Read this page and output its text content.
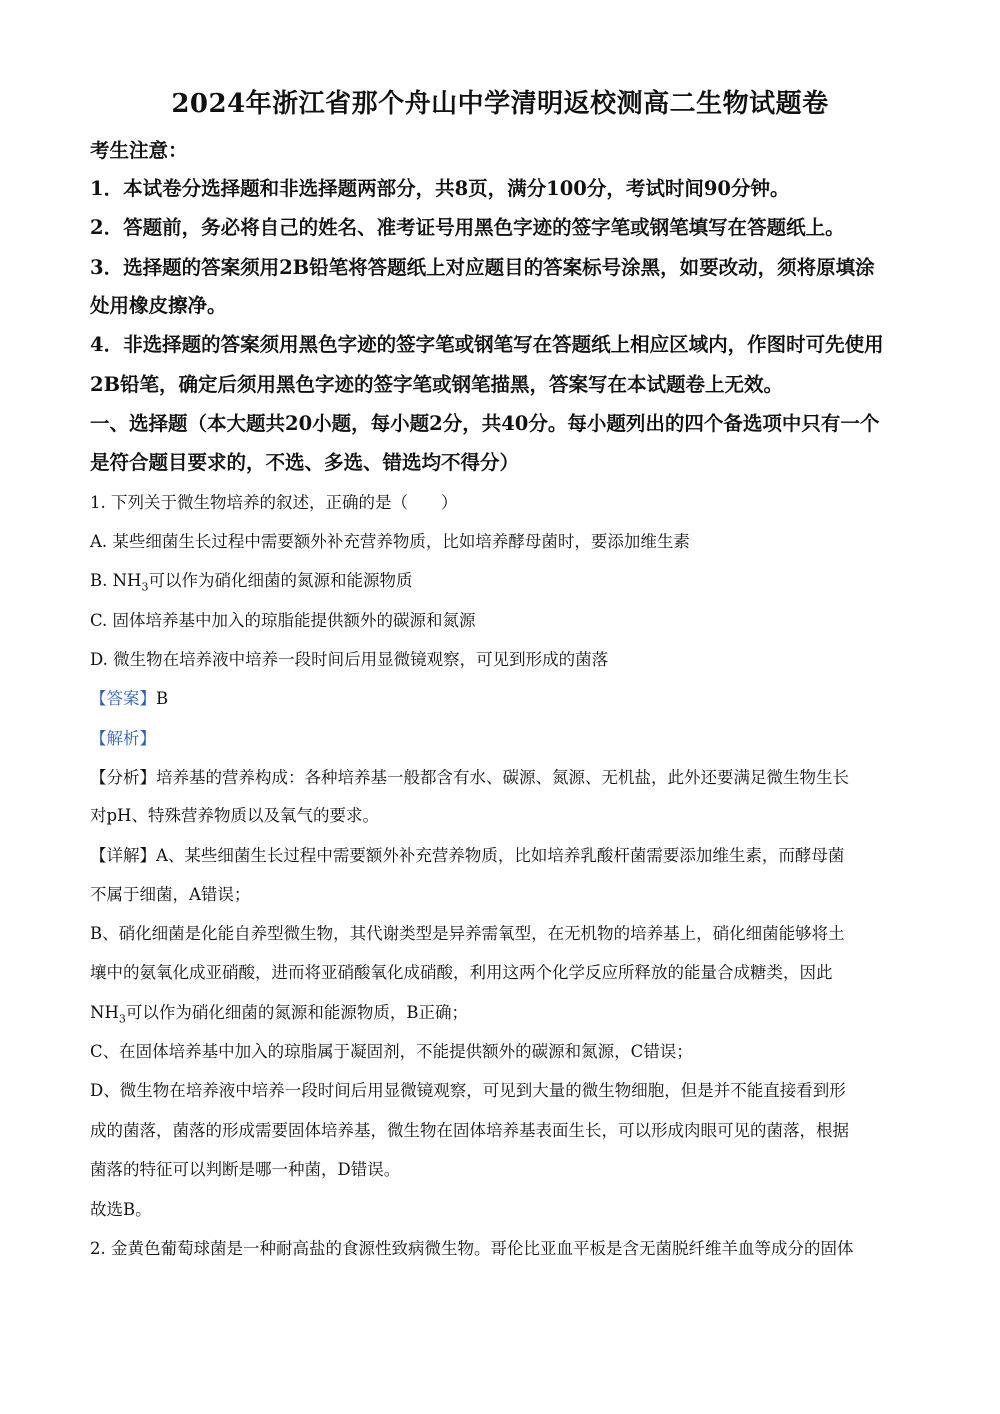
2024年浙江省那个舟山中学清明返校测高二生物试题卷
考生注意：
1．本试卷分选择题和非选择题两部分，共8页，满分100分，考试时间90分钟。
2．答题前，务必将自己的姓名、准考证号用黑色字迹的签字笔或钢笔填写在答题纸上。
3．选择题的答案须用2B铅笔将答题纸上对应题目的答案标号涂黑，如要改动，须将原填涂
处用橡皮擦净。
4．非选择题的答案须用黑色字迹的签字笔或钢笔写在答题纸上相应区域内，作图时可先使用
2B铅笔，确定后须用黑色字迹的签字笔或钢笔描黑，答案写在本试题卷上无效。
一、选择题（本大题共20小题，每小题2分，共40分。每小题列出的四个备选项中只有一个
是符合题目要求的，不选、多选、错选均不得分）
1. 下列关于微生物培养的叙述，正确的是（　　）
A. 某些细菌生长过程中需要额外补充营养物质，比如培养酵母菌时，要添加维生素
B. $NH_3$可以作为硝化细菌的氮源和能源物质
C. 固体培养基中加入的琼脂能提供额外的碳源和氮源
D. 微生物在培养液中培养一段时间后用显微镜观察，可见到形成的菌落
【答案】B
【解析】
【分析】培养基的营养构成：各种培养基一般都含有水、碳源、氮源、无机盐，此外还要满足微生物生长
对pH、特殊营养物质以及氧气的要求。
【详解】A、某些细菌生长过程中需要额外补充营养物质，比如培养乳酸杆菌需要添加维生素，而酵母菌
不属于细菌，A错误；
B、硝化细菌是化能自养型微生物，其代谢类型是异养需氧型，在无机物的培养基上，硝化细菌能够将土
壤中的氨氧化成亚硝酸，进而将亚硝酸氧化成硝酸，利用这两个化学反应所释放的能量合成糖类，因此
$NH_3$可以作为硝化细菌的氮源和能源物质，B正确；
C、在固体培养基中加入的琼脂属于凝固剂，不能提供额外的碳源和氮源，C错误；
D、微生物在培养液中培养一段时间后用显微镜观察，可见到大量的微生物细胞，但是并不能直接看到形
成的菌落，菌落的形成需要固体培养基，微生物在固体培养基表面生长，可以形成肉眼可见的菌落，根据
菌落的特征可以判断是哪一种菌，D错误。
故选B。
2. 金黄色葡萄球菌是一种耐高盐的食源性致病微生物。哥伦比亚血平板是含无菌脱纤维羊血等成分的固体
